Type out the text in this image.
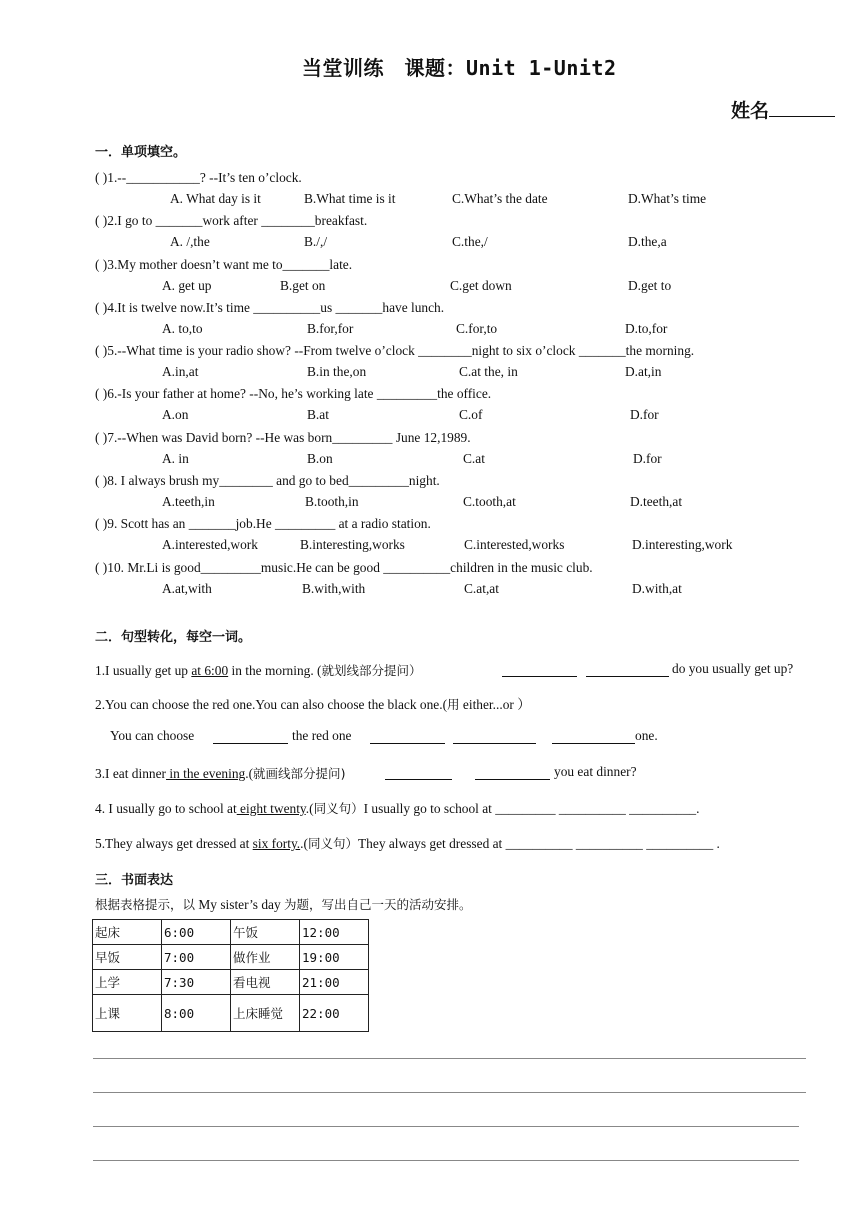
当堂训练　课题：Unit 1-Unit2
姓名
一．单项填空。
( )1.--___________? --It’s ten o’clock.
A. What day is it	B.What time is it	C.What’s the date	D.What’s time
( )2.I go to _______work after ________breakfast.
A. /,the	B./,/	C.the,/	D.the,a
( )3.My mother doesn’t want me to_______late.
A. get up	B.get on	C.get down	D.get to
( )4.It is twelve now.It’s time __________us _______have lunch.
A. to,to	B.for,for	C.for,to	D.to,for
( )5.--What time is your radio show? --From twelve o’clock ________night to six o’clock _______the morning.
A.in,at	B.in the,on	C.at the, in	D.at,in
( )6.-Is your father at home? --No, he’s working late _________the office.
A.on	B.at	C.of	D.for
( )7.--When was David born? --He was born_________ June 12,1989.
A. in	B.on	C.at	D.for
( )8. I always brush my________ and go to bed_________night.
A.teeth,in	B.tooth,in	C.tooth,at	D.teeth,at
( )9. Scott has an _______job.He _________ at a radio station.
A.interested,work	B.interesting,works	C.interested,works	D.interesting,work
( )10. Mr.Li is good_________music.He can be good __________children in the music club.
A.at,with	B.with,with	C.at,at	D.with,at
二．句型转化，每空一词。
1.I usually get up at 6:00 in the morning. (就划线部分提问）	do you usually get up?
2.You can choose the red one.You can also choose the black one.(用 either...or ）
You can choose	the red one	one.
3.I eat dinner in the evening.(就画线部分提问)	you eat dinner?
4. I usually go to school at eight twenty.(同义句）I usually go to school at _________ __________ __________.
5.They always get dressed at six forty..(同义句）They always get dressed at __________ __________ __________ .
三．书面表达
根据表格提示，以 My sister’s day 为题，写出自己一天的活动安排。
起床	6:00	午饭	12:00
早饭	7:00	做作业	19:00
上学	7:30	看电视	21:00
上课	8:00	上床睡觉	22:00
